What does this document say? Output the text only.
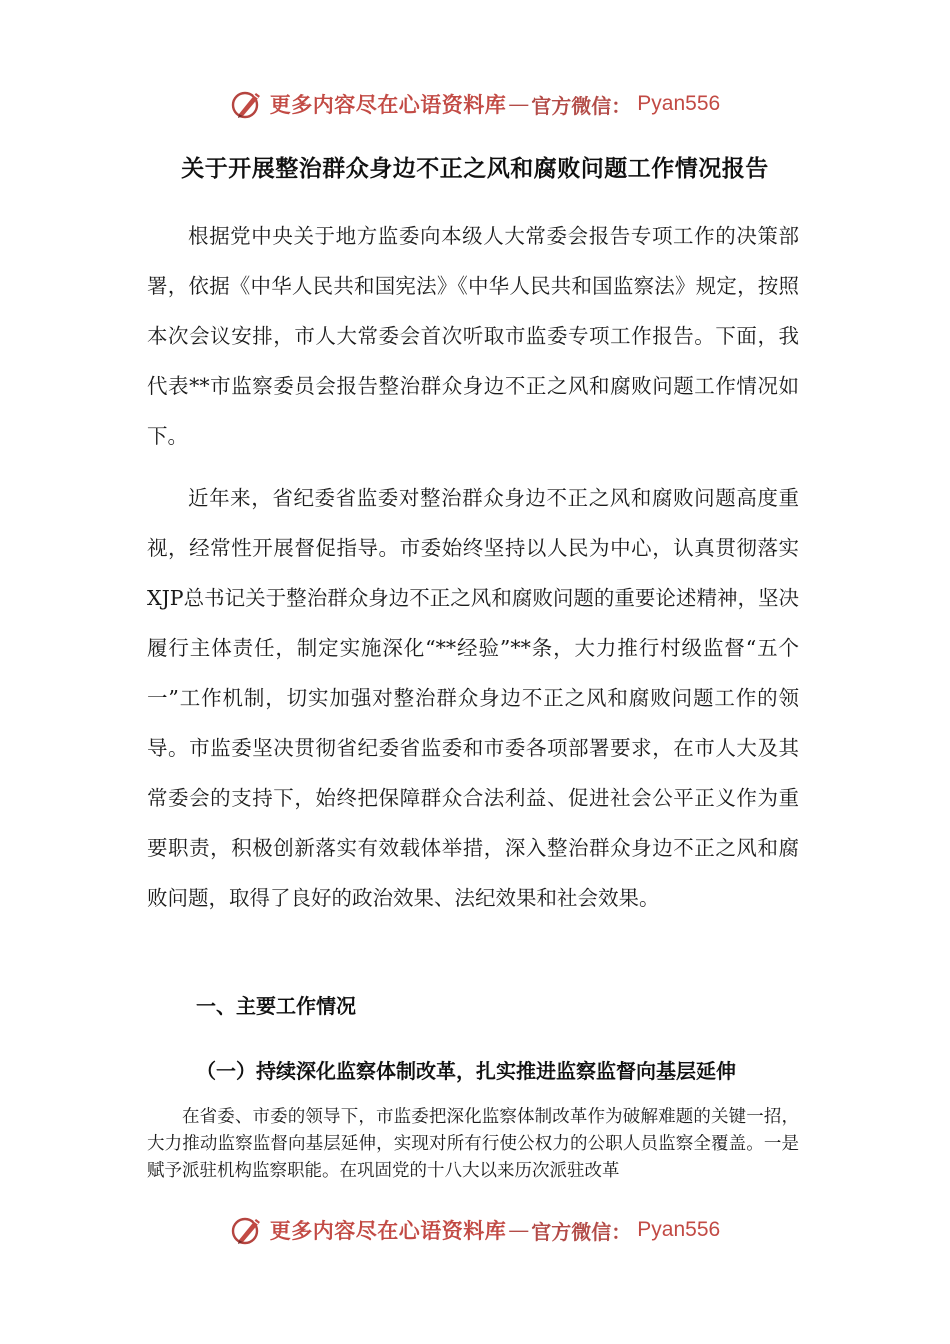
更多内容尽在心语资料库 — 官方微信： Pyan556
关于开展整治群众身边不正之风和腐败问题工作情况报告

根据党中央关于地方监委向本级人大常委会报告专项工作的决策部署，依据《中华人民共和国宪法》《中华人民共和国监察法》规定，按照本次会议安排，市人大常委会首次听取市监委专项工作报告。下面，我代表**市监察委员会报告整治群众身边不正之风和腐败问题工作情况如下。

近年来，省纪委省监委对整治群众身边不正之风和腐败问题高度重视，经常性开展督促指导。市委始终坚持以人民为中心，认真贯彻落实XJP总书记关于整治群众身边不正之风和腐败问题的重要论述精神，坚决履行主体责任，制定实施深化“**经验”**条，大力推行村级监督“五个一”工作机制，切实加强对整治群众身边不正之风和腐败问题工作的领导。市监委坚决贯彻省纪委省监委和市委各项部署要求，在市人大及其常委会的支持下，始终把保障群众合法利益、促进社会公平正义作为重要职责，积极创新落实有效载体举措，深入整治群众身边不正之风和腐败问题，取得了良好的政治效果、法纪效果和社会效果。

一、主要工作情况
（一）持续深化监察体制改革，扎实推进监察监督向基层延伸

在省委、市委的领导下，市监委把深化监察体制改革作为破解难题的关键一招，大力推动监察监督向基层延伸，实现对所有行使公权力的公职人员监察全覆盖。一是赋予派驻机构监察职能。在巩固党的十八大以来历次派驻改革

更多内容尽在心语资料库 — 官方微信： Pyan556
